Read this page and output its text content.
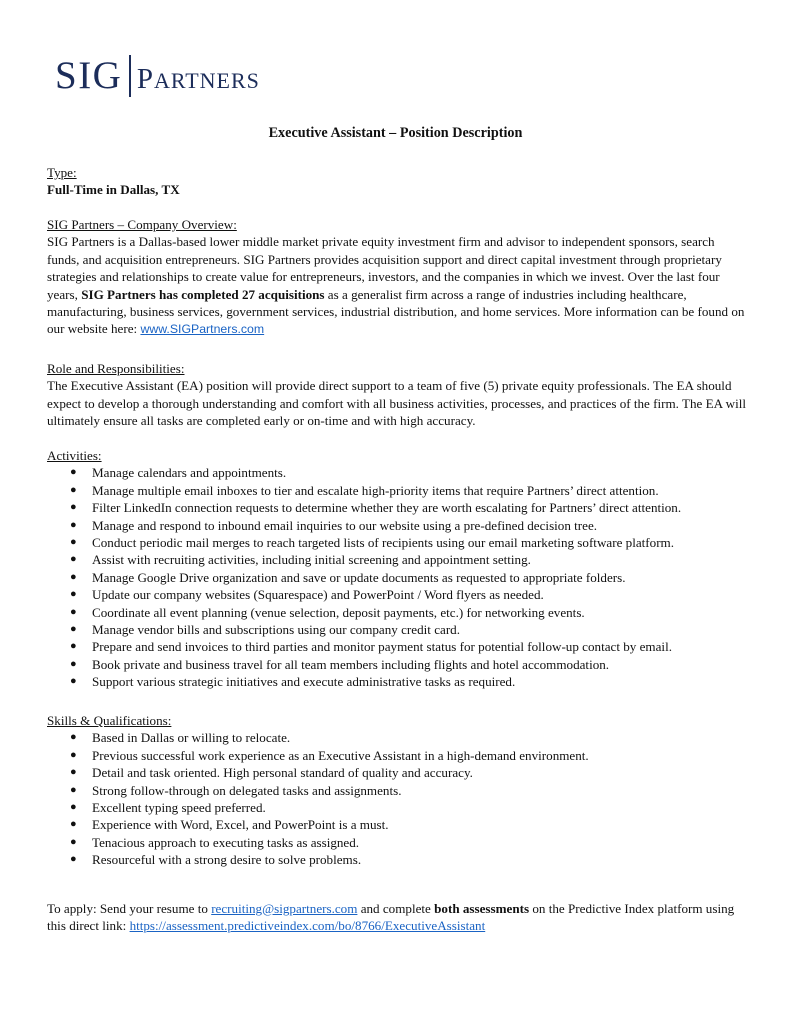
SIG PARTNERS
Executive Assistant – Position Description

Type:

Full-Time in Dallas, TX

SIG Partners – Company Overview:

SIG Partners is a Dallas-based lower middle market private equity investment firm and advisor to independent sponsors, search funds, and acquisition entrepreneurs. SIG Partners provides acquisition support and direct capital investment through proprietary strategies and relationships to create value for entrepreneurs, investors, and the companies in which we invest. Over the last four years, SIG Partners has completed 27 acquisitions as a generalist firm across a range of industries including healthcare, manufacturing, business services, government services, industrial distribution, and home services. More information can be found on our website here: www.SIGPartners.com

Role and Responsibilities:

The Executive Assistant (EA) position will provide direct support to a team of five (5) private equity professionals. The EA should expect to develop a thorough understanding and comfort with all business activities, processes, and practices of the firm. The EA will ultimately ensure all tasks are completed early or on-time and with high accuracy.

Activities:

● Manage calendars and appointments.
● Manage multiple email inboxes to tier and escalate high-priority items that require Partners’ direct attention.
● Filter LinkedIn connection requests to determine whether they are worth escalating for Partners’ direct attention.
● Manage and respond to inbound email inquiries to our website using a pre-defined decision tree.
● Conduct periodic mail merges to reach targeted lists of recipients using our email marketing software platform.
● Assist with recruiting activities, including initial screening and appointment setting.
● Manage Google Drive organization and save or update documents as requested to appropriate folders.
● Update our company websites (Squarespace) and PowerPoint / Word flyers as needed.
● Coordinate all event planning (venue selection, deposit payments, etc.) for networking events.
● Manage vendor bills and subscriptions using our company credit card.
● Prepare and send invoices to third parties and monitor payment status for potential follow-up contact by email.
● Book private and business travel for all team members including flights and hotel accommodation.
● Support various strategic initiatives and execute administrative tasks as required.

Skills & Qualifications:

● Based in Dallas or willing to relocate.
● Previous successful work experience as an Executive Assistant in a high-demand environment.
● Detail and task oriented. High personal standard of quality and accuracy.
● Strong follow-through on delegated tasks and assignments.
● Excellent typing speed preferred.
● Experience with Word, Excel, and PowerPoint is a must.
● Tenacious approach to executing tasks as assigned.
● Resourceful with a strong desire to solve problems.

To apply: Send your resume to recruiting@sigpartners.com and complete both assessments on the Predictive Index platform using this direct link: https://assessment.predictiveindex.com/bo/8766/ExecutiveAssistant
